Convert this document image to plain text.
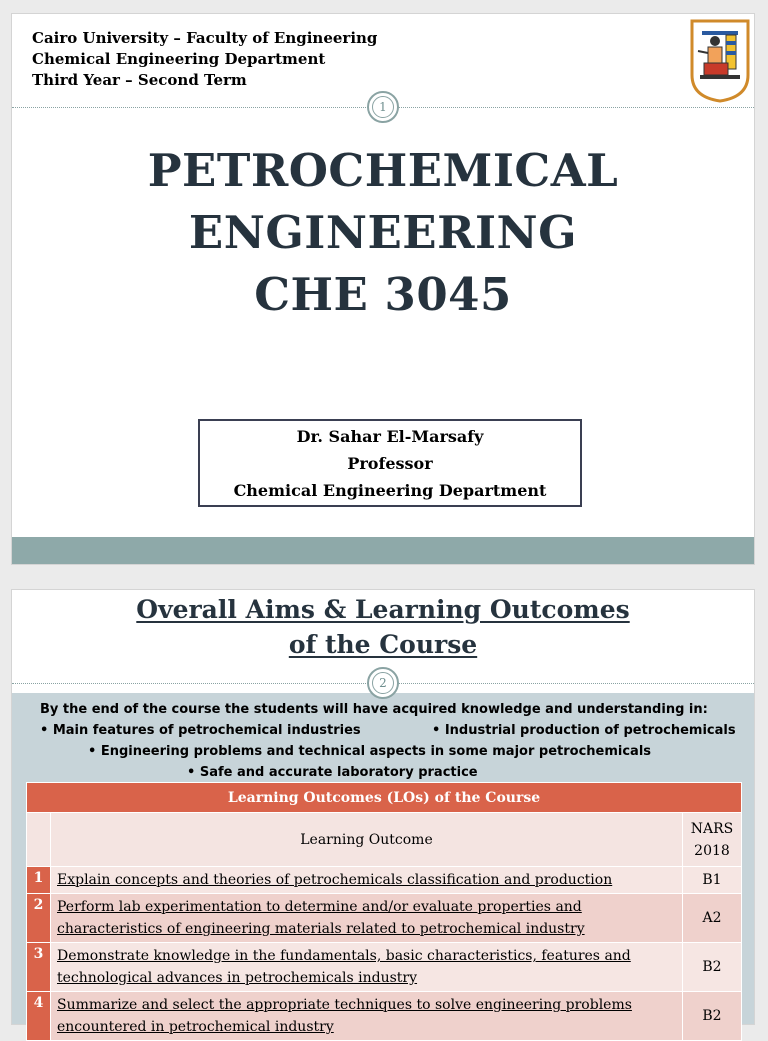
Cairo University – Faculty of Engineering
Chemical Engineering Department
Third Year – Second Term
1
PETROCHEMICAL
ENGINEERING
CHE 3045
Dr. Sahar El-Marsafy
Professor
Chemical Engineering Department
Overall Aims & Learning Outcomes
of the Course
By the end of the course the students will have acquired knowledge and understanding in:
• Main features of petrochemical industries	• Industrial production of petrochemicals
• Engineering problems and technical aspects in some major petrochemicals
• Safe and accurate laboratory practice
Learning Outcomes (LOs) of the Course		
	Learning Outcome	NARS 2018
1	Explain concepts and theories of petrochemicals classification and production	B1
2	Perform lab experimentation to determine and/or evaluate properties and characteristics of engineering materials related to petrochemical industry	A2
3	Demonstrate knowledge in the fundamentals, basic characteristics, features and technological advances in petrochemicals industry	B2
4	Summarize and select the appropriate techniques to solve engineering problems encountered in petrochemical industry	B2
2
